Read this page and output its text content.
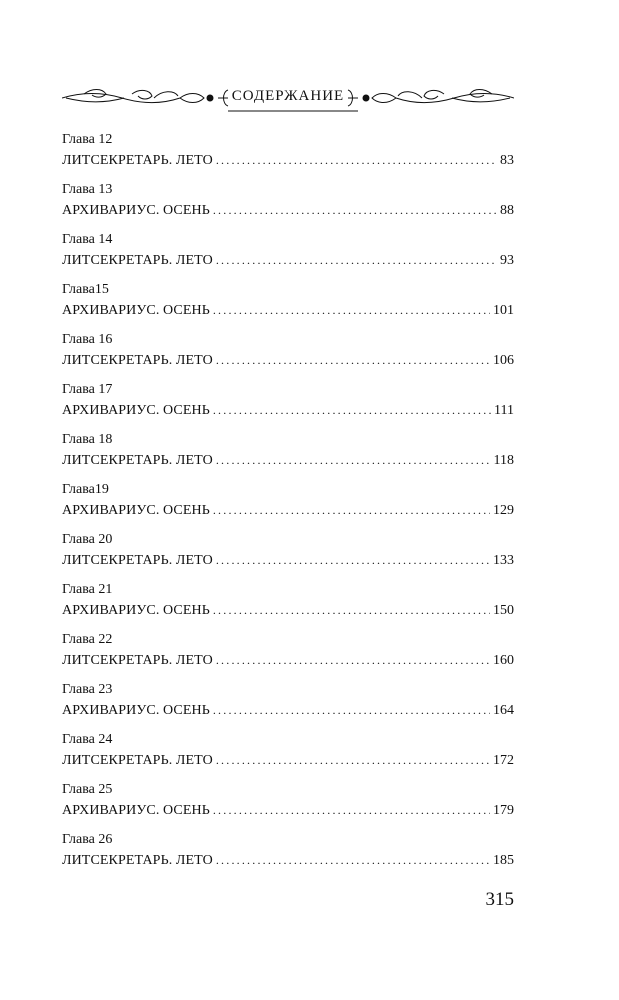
СОДЕРЖАНИЕ
Глава 12
ЛИТСЕКРЕТАРЬ. ЛЕТО .....	83
Глава 13
АРХИВАРИУС. ОСЕНЬ .....	88
Глава 14
ЛИТСЕКРЕТАРЬ. ЛЕТО .....	93
Глава15
АРХИВАРИУС. ОСЕНЬ .....	101
Глава 16
ЛИТСЕКРЕТАРЬ. ЛЕТО .....	106
Глава 17
АРХИВАРИУС. ОСЕНЬ .....	111
Глава 18
ЛИТСЕКРЕТАРЬ. ЛЕТО .....	118
Глава19
АРХИВАРИУС. ОСЕНЬ .....	129
Глава 20
ЛИТСЕКРЕТАРЬ. ЛЕТО .....	133
Глава 21
АРХИВАРИУС. ОСЕНЬ .....	150
Глава 22
ЛИТСЕКРЕТАРЬ. ЛЕТО .....	160
Глава 23
АРХИВАРИУС. ОСЕНЬ .....	164
Глава 24
ЛИТСЕКРЕТАРЬ. ЛЕТО .....	172
Глава 25
АРХИВАРИУС. ОСЕНЬ .....	179
Глава 26
ЛИТСЕКРЕТАРЬ. ЛЕТО .....	185
315
